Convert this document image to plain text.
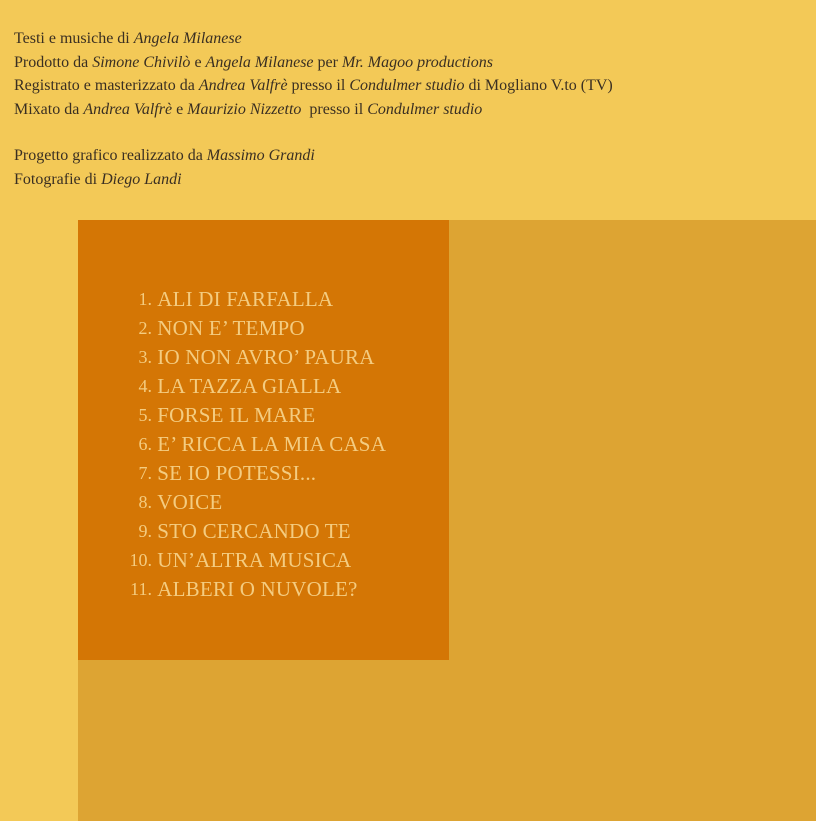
Testi e musiche di Angela Milanese
Prodotto da Simone Chivilò e Angela Milanese per Mr. Magoo productions
Registrato e masterizzato da Andrea Valfrè presso il Condulmer studio di Mogliano V.to (TV)
Mixato da Andrea Valfrè e Maurizio Nizzetto  presso il Condulmer studio
Progetto grafico realizzato da Massimo Grandi
Fotografie di Diego Landi
1.
ALI DI FARFALLA
2.
NON E’ TEMPO
3.
IO NON AVRO’ PAURA
4.
LA TAZZA GIALLA
5.
FORSE IL MARE
6.
E’ RICCA LA MIA CASA
7.
SE IO POTESSI...
8.
VOICE
9.
STO CERCANDO TE
10.
UN’ALTRA MUSICA
11.
ALBERI O NUVOLE?
